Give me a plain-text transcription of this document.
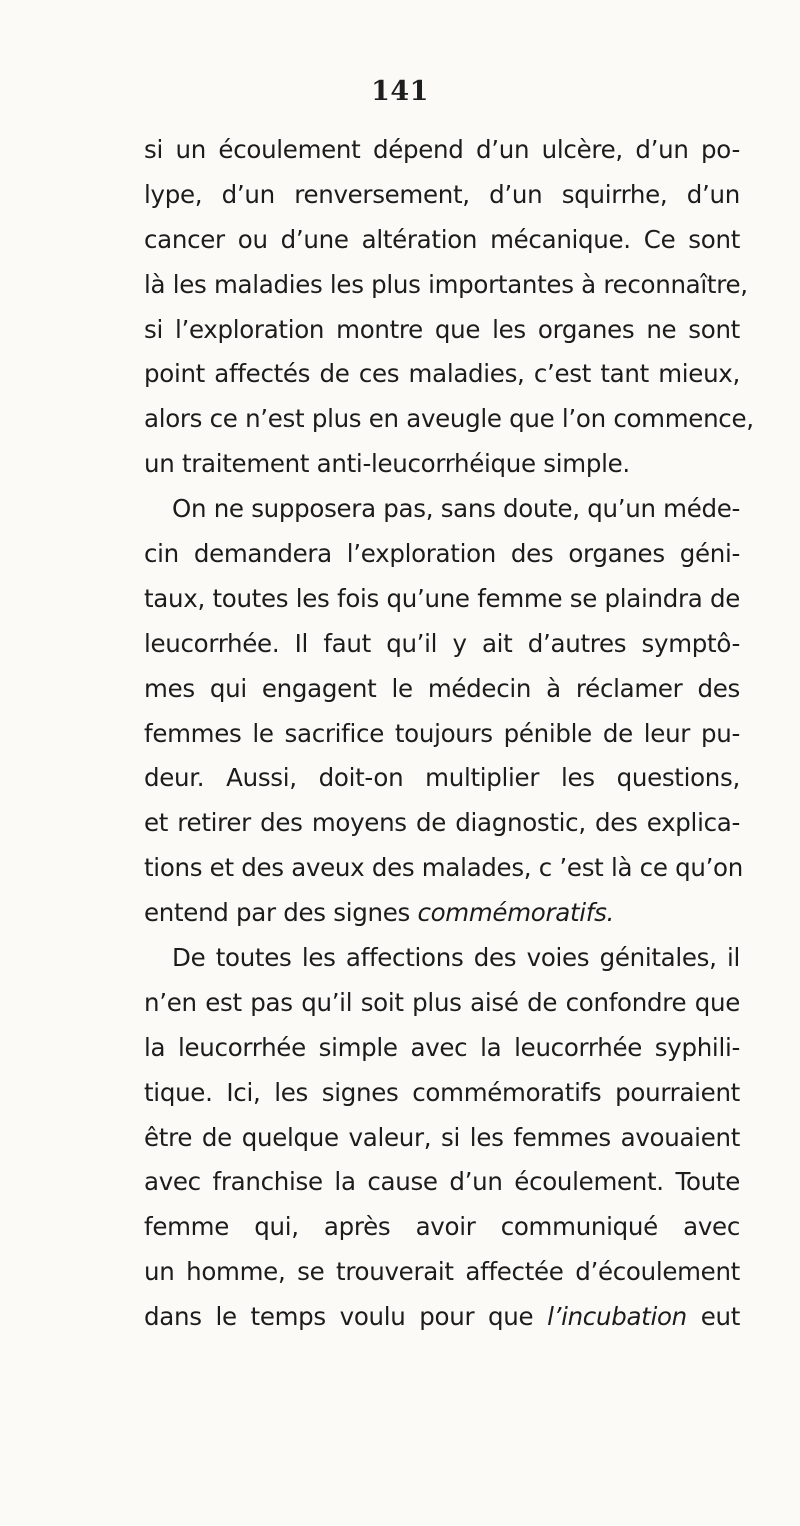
141
si un écoulement dépend d’un ulcère, d’un po-
lype, d’un renversement, d’un squirrhe, d’un
cancer ou d’une altération mécanique. Ce sont
là les maladies les plus importantes à reconnaître,
si l’exploration montre que les organes ne sont
point affectés de ces maladies, c’est tant mieux,
alors ce n’est plus en aveugle que l’on commence,
un traitement anti-leucorrhéique simple.
On ne supposera pas, sans doute, qu’un méde-
cin demandera l’exploration des organes géni-
taux, toutes les fois qu’une femme se plaindra de
leucorrhée. Il faut qu’il y ait d’autres symptô-
mes qui engagent le médecin à réclamer des
femmes le sacrifice toujours pénible de leur pu-
deur. Aussi, doit-on multiplier les questions,
et retirer des moyens de diagnostic, des explica-
tions et des aveux des malades, c ’est là ce qu’on
entend par des signes commémoratifs.
De toutes les affections des voies génitales, il
n’en est pas qu’il soit plus aisé de confondre que
la leucorrhée simple avec la leucorrhée syphili-
tique. Ici, les signes commémoratifs pourraient
être de quelque valeur, si les femmes avouaient
avec franchise la cause d’un écoulement. Toute
femme qui, après avoir communiqué avec
un homme, se trouverait affectée d’écoulement
dans le temps voulu pour que l’incubation eut
